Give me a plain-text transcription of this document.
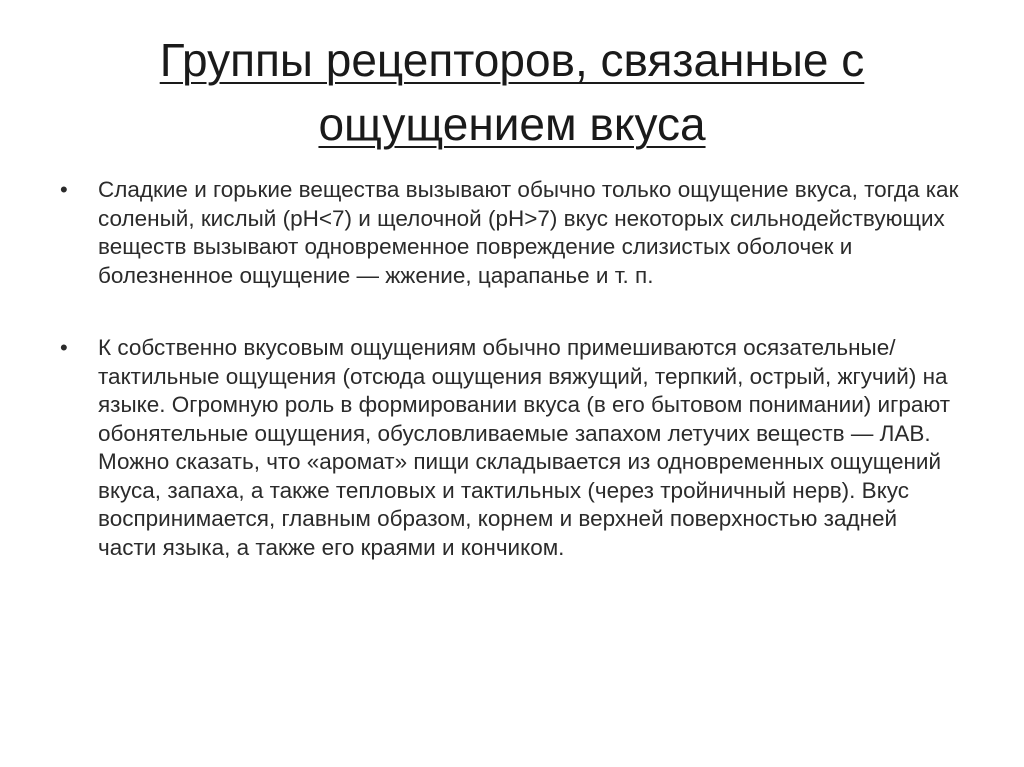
Группы рецепторов, связанные с
ощущением вкуса
• Сладкие и горькие вещества вызывают обычно только ощущение вкуса, тогда как соленый, кислый (pH<7) и щелочной (pH>7) вкус некоторых сильнодействующих веществ вызывают одновременное повреждение слизистых оболочек и болезненное ощущение — жжение, царапанье и т. п.
• К собственно вкусовым ощущениям обычно примешиваются осязательные/тактильные ощущения (отсюда ощущения вяжущий, терпкий, острый, жгучий) на языке. Огромную роль в формировании вкуса (в его бытовом понимании) играют обонятельные ощущения, обусловливаемые запахом летучих веществ — ЛАВ. Можно сказать, что «аромат» пищи складывается из одновременных ощущений вкуса, запаха, а также тепловых и тактильных (через тройничный нерв). Вкус воспринимается, главным образом, корнем и верхней поверхностью задней части языка, а также его краями и кончиком.
